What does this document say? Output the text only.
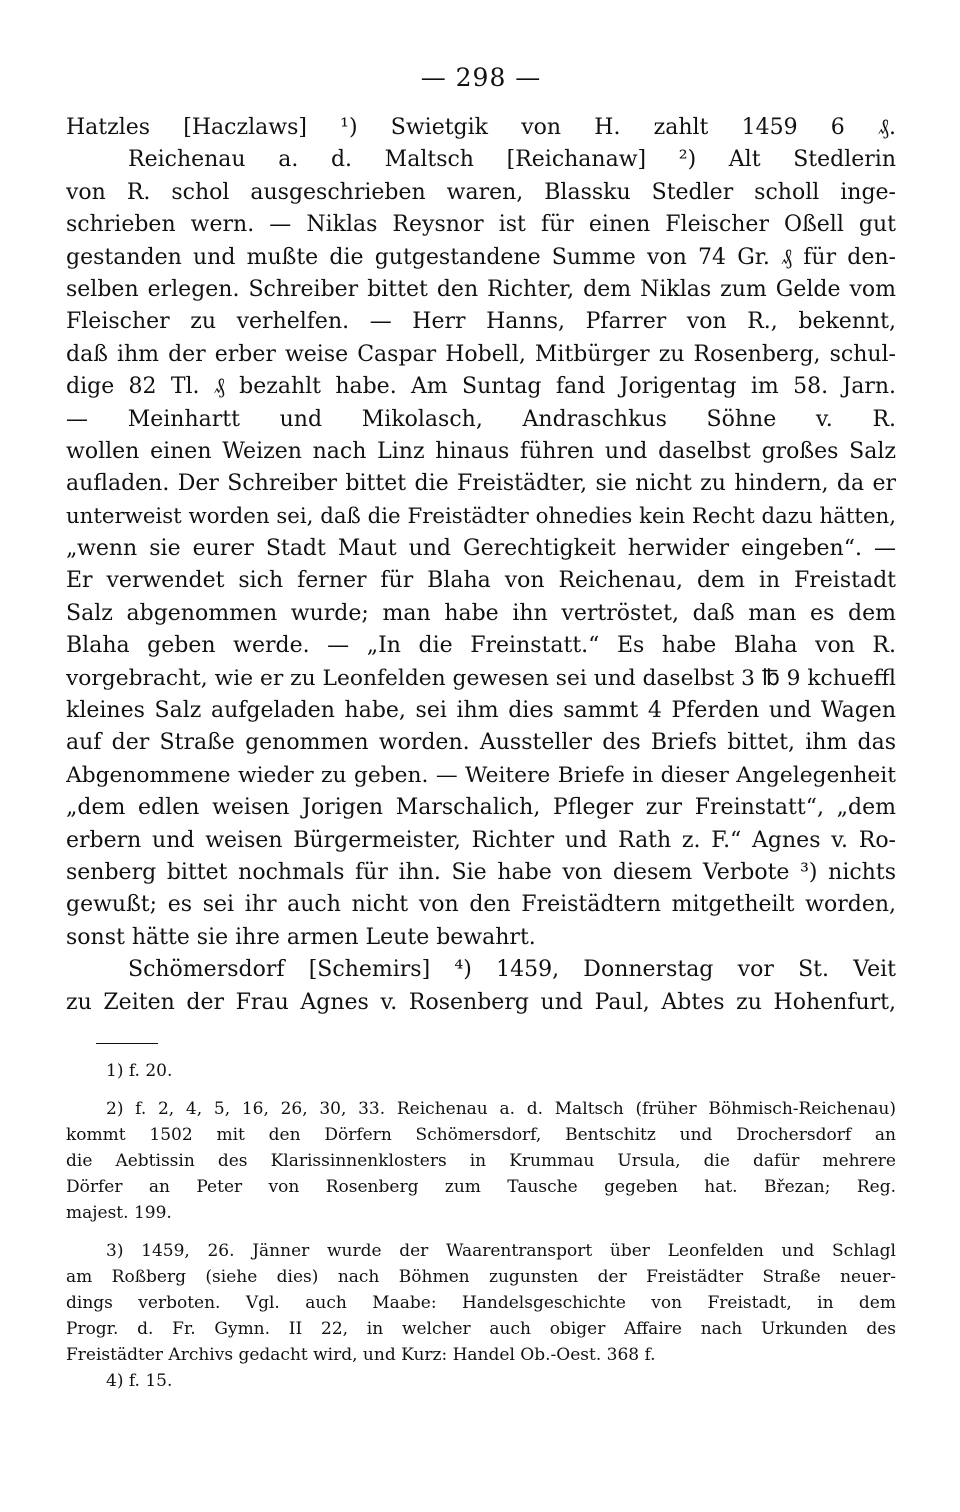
— 298 —
Hatzles [Haczlaws] ¹) Swietgik von H. zahlt 1459 6 ₰.
Reichenau a. d. Maltsch [Reichanaw] ²) Alt Stedlerin
von R. schol ausgeschrieben waren, Blassku Stedler scholl inge-
schrieben wern. — Niklas Reysnor ist für einen Fleischer Oßell gut
gestanden und mußte die gutgestandene Summe von 74 Gr. ₰ für den-
selben erlegen. Schreiber bittet den Richter, dem Niklas zum Gelde vom
Fleischer zu verhelfen. — Herr Hanns, Pfarrer von R., bekennt,
daß ihm der erber weise Caspar Hobell, Mitbürger zu Rosenberg, schul-
dige 82 Tl. ₰ bezahlt habe. Am Suntag fand Jorigentag im 58. Jarn.
— Meinhartt und Mikolasch, Andraschkus Söhne v. R.
wollen einen Weizen nach Linz hinaus führen und daselbst großes Salz
aufladen. Der Schreiber bittet die Freistädter, sie nicht zu hindern, da er
unterweist worden sei, daß die Freistädter ohnedies kein Recht dazu hätten,
„wenn sie eurer Stadt Maut und Gerechtigkeit herwider eingeben“. —
Er verwendet sich ferner für Blaha von Reichenau, dem in Freistadt
Salz abgenommen wurde; man habe ihn vertröstet, daß man es dem
Blaha geben werde. — „In die Freinstatt.“ Es habe Blaha von R.
vorgebracht, wie er zu Leonfelden gewesen sei und daselbst 3 ℔ 9 kchueffl
kleines Salz aufgeladen habe, sei ihm dies sammt 4 Pferden und Wagen
auf der Straße genommen worden. Aussteller des Briefs bittet, ihm das
Abgenommene wieder zu geben. — Weitere Briefe in dieser Angelegenheit
„dem edlen weisen Jorigen Marschalich, Pfleger zur Freinstatt“, „dem
erbern und weisen Bürgermeister, Richter und Rath z. F.“ Agnes v. Ro-
senberg bittet nochmals für ihn. Sie habe von diesem Verbote ³) nichts
gewußt; es sei ihr auch nicht von den Freistädtern mitgetheilt worden,
sonst hätte sie ihre armen Leute bewahrt.
Schömersdorf [Schemirs] ⁴) 1459, Donnerstag vor St. Veit
zu Zeiten der Frau Agnes v. Rosenberg und Paul, Abtes zu Hohenfurt,
1) f. 20.
2) f. 2, 4, 5, 16, 26, 30, 33. Reichenau a. d. Maltsch (früher Böhmisch-Reichenau)
kommt 1502 mit den Dörfern Schömersdorf, Bentschitz und Drochersdorf an
die Aebtissin des Klarissinnenklosters in Krummau Ursula, die dafür mehrere
Dörfer an Peter von Rosenberg zum Tausche gegeben hat. Březan; Reg.
majest. 199.
3) 1459, 26. Jänner wurde der Waarentransport über Leonfelden und Schlagl
am Roßberg (siehe dies) nach Böhmen zugunsten der Freistädter Straße neuer-
dings verboten. Vgl. auch Maabe: Handelsgeschichte von Freistadt, in dem
Progr. d. Fr. Gymn. II 22, in welcher auch obiger Affaire nach Urkunden des
Freistädter Archivs gedacht wird, und Kurz: Handel Ob.-Oest. 368 f.
4) f. 15.
